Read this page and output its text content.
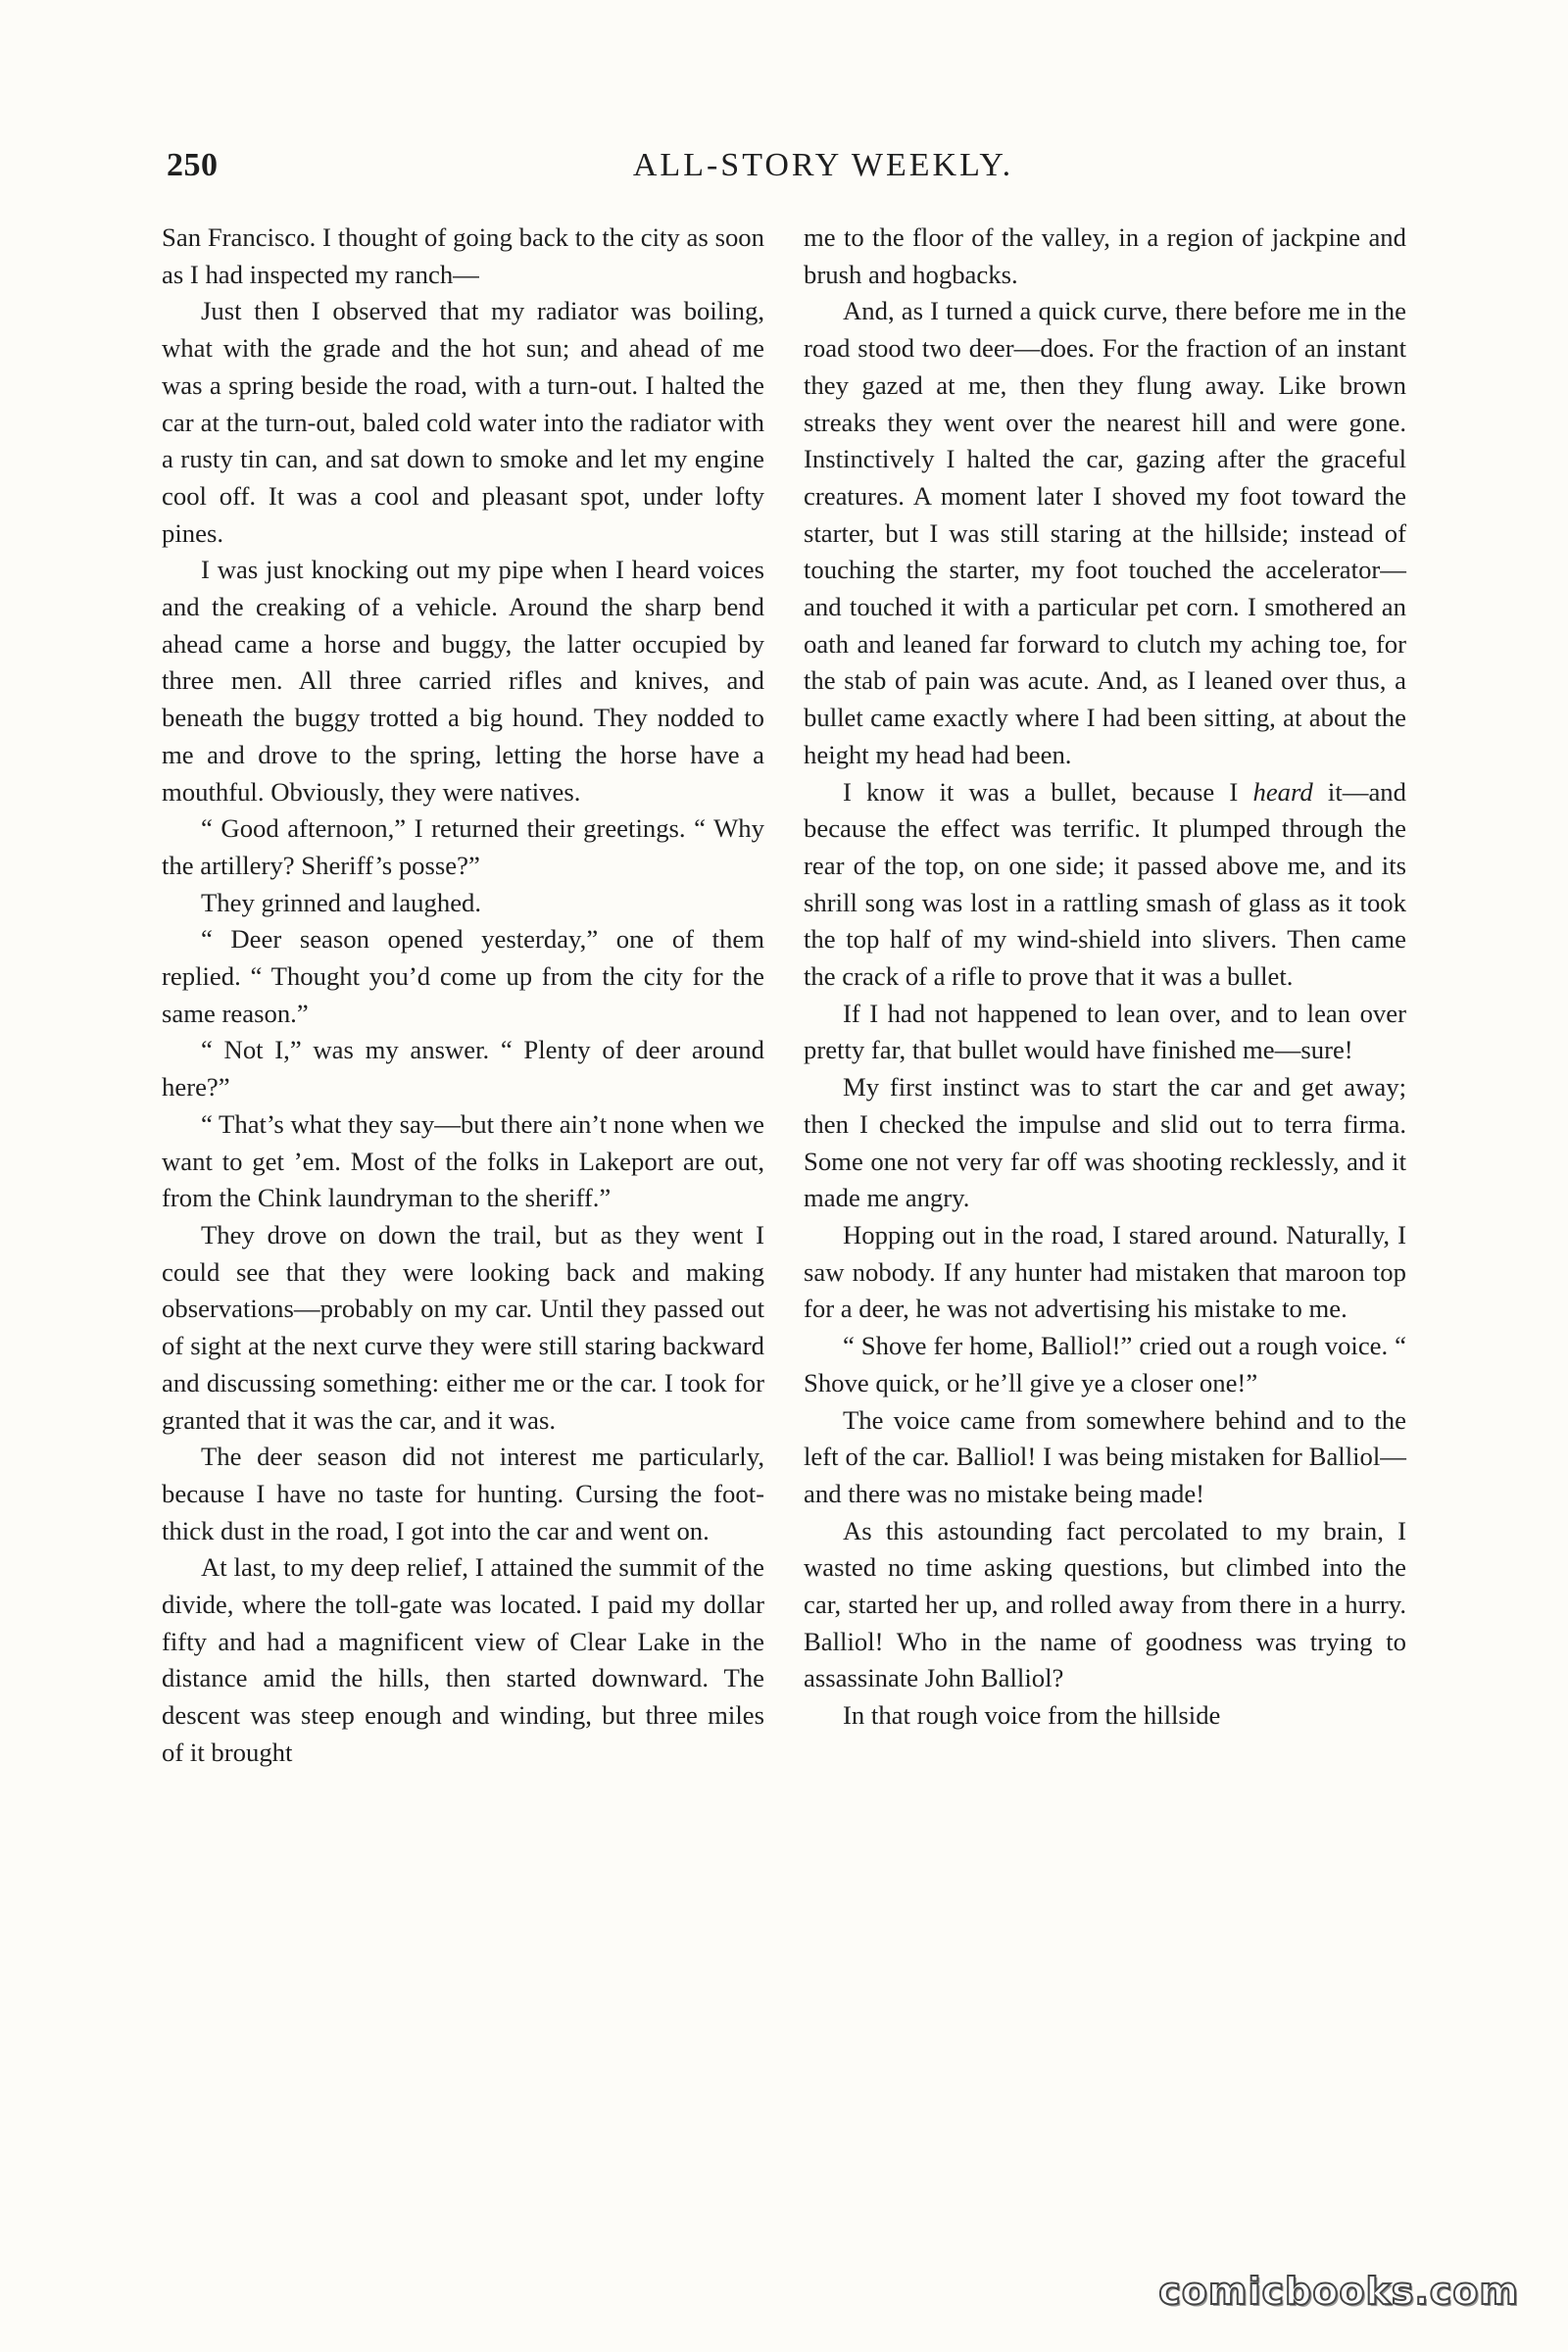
250	ALL-STORY WEEKLY.

San Francisco. I thought of going back to the city as soon as I had inspected my ranch—

Just then I observed that my radiator was boiling, what with the grade and the hot sun; and ahead of me was a spring beside the road, with a turn-out. I halted the car at the turn-out, baled cold water into the radiator with a rusty tin can, and sat down to smoke and let my engine cool off. It was a cool and pleasant spot, under lofty pines.

I was just knocking out my pipe when I heard voices and the creaking of a vehicle. Around the sharp bend ahead came a horse and buggy, the latter occupied by three men. All three carried rifles and knives, and beneath the buggy trotted a big hound. They nodded to me and drove to the spring, letting the horse have a mouthful. Obviously, they were natives.

“ Good afternoon,” I returned their greetings. “ Why the artillery? Sheriff’s posse?”

They grinned and laughed.

“ Deer season opened yesterday,” one of them replied. “ Thought you’d come up from the city for the same reason.”

“ Not I,” was my answer. “ Plenty of deer around here?”

“ That’s what they say—but there ain’t none when we want to get ’em. Most of the folks in Lakeport are out, from the Chink laundryman to the sheriff.”

They drove on down the trail, but as they went I could see that they were looking back and making observations—probably on my car. Until they passed out of sight at the next curve they were still staring backward and discussing something: either me or the car. I took for granted that it was the car, and it was.

The deer season did not interest me particularly, because I have no taste for hunting. Cursing the foot-thick dust in the road, I got into the car and went on.

At last, to my deep relief, I attained the summit of the divide, where the toll-gate was located. I paid my dollar fifty and had a magnificent view of Clear Lake in the distance amid the hills, then started downward. The descent was steep enough and winding, but three miles of it brought

me to the floor of the valley, in a region of jackpine and brush and hogbacks.

And, as I turned a quick curve, there before me in the road stood two deer—does. For the fraction of an instant they gazed at me, then they flung away. Like brown streaks they went over the nearest hill and were gone. Instinctively I halted the car, gazing after the graceful creatures. A moment later I shoved my foot toward the starter, but I was still staring at the hillside; instead of touching the starter, my foot touched the accelerator—and touched it with a particular pet corn. I smothered an oath and leaned far forward to clutch my aching toe, for the stab of pain was acute. And, as I leaned over thus, a bullet came exactly where I had been sitting, at about the height my head had been.

I know it was a bullet, because I heard it—and because the effect was terrific. It plumped through the rear of the top, on one side; it passed above me, and its shrill song was lost in a rattling smash of glass as it took the top half of my wind-shield into slivers. Then came the crack of a rifle to prove that it was a bullet.

If I had not happened to lean over, and to lean over pretty far, that bullet would have finished me—sure!

My first instinct was to start the car and get away; then I checked the impulse and slid out to terra firma. Some one not very far off was shooting recklessly, and it made me angry.

Hopping out in the road, I stared around. Naturally, I saw nobody. If any hunter had mistaken that maroon top for a deer, he was not advertising his mistake to me.

“ Shove fer home, Balliol!” cried out a rough voice. “ Shove quick, or he’ll give ye a closer one!”

The voice came from somewhere behind and to the left of the car. Balliol! I was being mistaken for Balliol—and there was no mistake being made!

As this astounding fact percolated to my brain, I wasted no time asking questions, but climbed into the car, started her up, and rolled away from there in a hurry. Balliol! Who in the name of goodness was trying to assassinate John Balliol?

In that rough voice from the hillside

comicbooks.com
